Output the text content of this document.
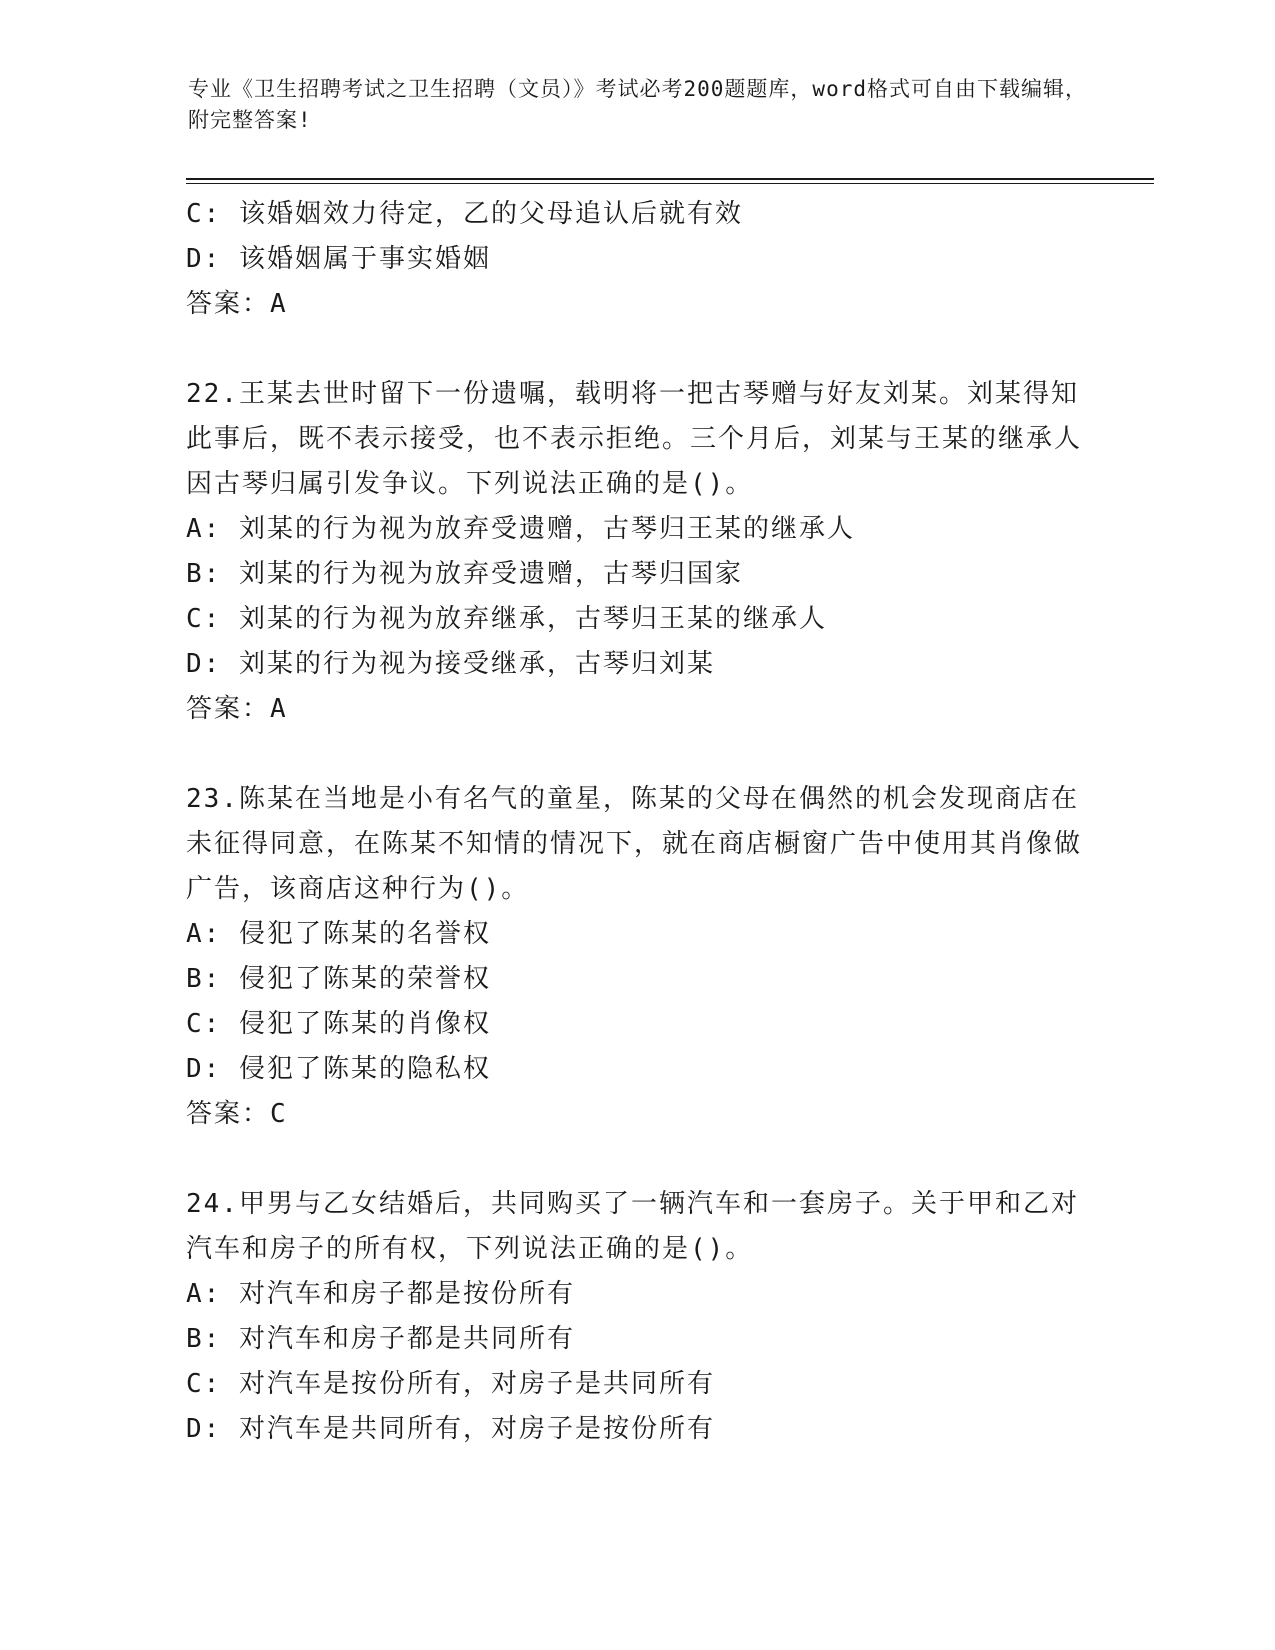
专业《卫生招聘考试之卫生招聘（文员）》考试必考200题题库，word格式可自由下载编辑，附完整答案!
C: 该婚姻效力待定，乙的父母追认后就有效
D: 该婚姻属于事实婚姻
答案：A
22.王某去世时留下一份遗嘱，载明将一把古琴赠与好友刘某。刘某得知此事后，既不表示接受，也不表示拒绝。三个月后，刘某与王某的继承人因古琴归属引发争议。下列说法正确的是()。
A: 刘某的行为视为放弃受遗赠，古琴归王某的继承人
B: 刘某的行为视为放弃受遗赠，古琴归国家
C: 刘某的行为视为放弃继承，古琴归王某的继承人
D: 刘某的行为视为接受继承，古琴归刘某
答案：A
23.陈某在当地是小有名气的童星，陈某的父母在偶然的机会发现商店在未征得同意，在陈某不知情的情况下，就在商店橱窗广告中使用其肖像做广告，该商店这种行为()。
A: 侵犯了陈某的名誉权
B: 侵犯了陈某的荣誉权
C: 侵犯了陈某的肖像权
D: 侵犯了陈某的隐私权
答案：C
24.甲男与乙女结婚后，共同购买了一辆汽车和一套房子。关于甲和乙对汽车和房子的所有权，下列说法正确的是()。
A: 对汽车和房子都是按份所有
B: 对汽车和房子都是共同所有
C: 对汽车是按份所有，对房子是共同所有
D: 对汽车是共同所有，对房子是按份所有
